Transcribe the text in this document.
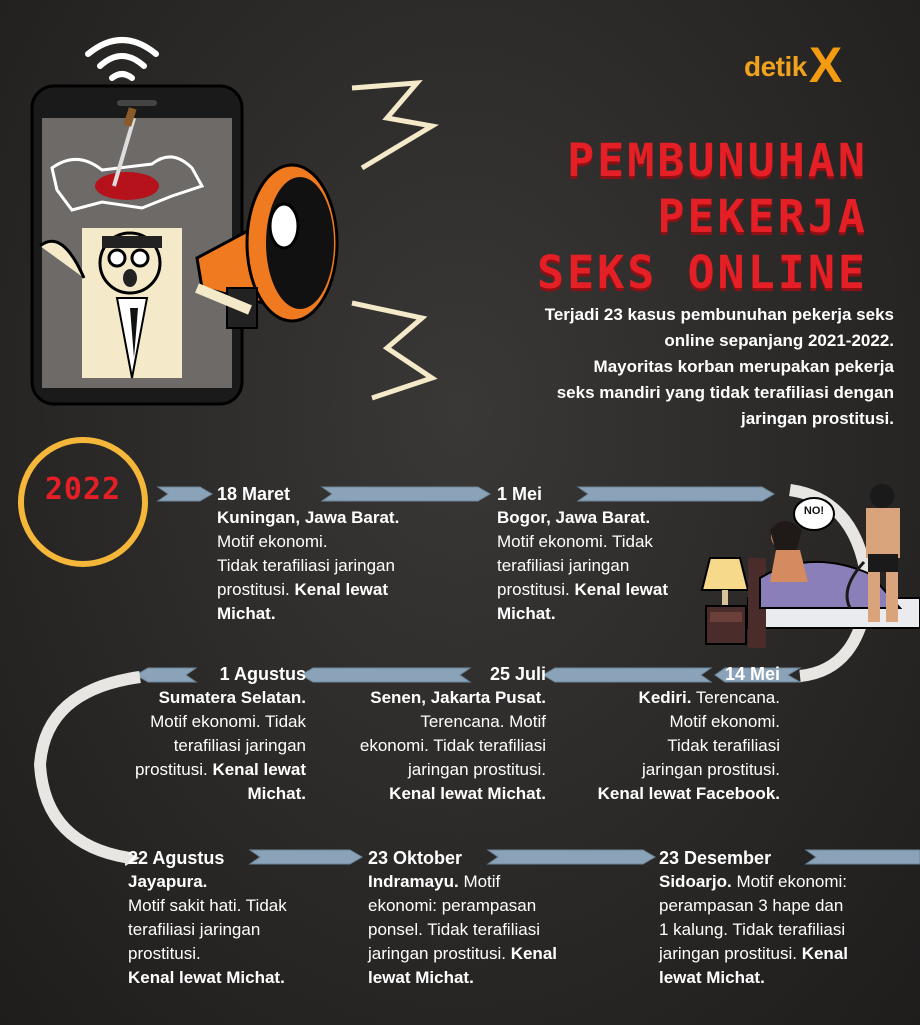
detikX
PEMBUNUHAN
PEKERJA
SEKS ONLINE
Terjadi 23 kasus pembunuhan pekerja seks
online sepanjang 2021-2022.
Mayoritas korban merupakan pekerja
seks mandiri yang tidak terafiliasi dengan
jaringan prostitusi.
2022
NO!
18 Maret
Kuningan, Jawa Barat.
Motif ekonomi.
Tidak terafiliasi jaringan
prostitusi. Kenal lewat
Michat.
1 Mei
Bogor, Jawa Barat.
Motif ekonomi. Tidak
terafiliasi jaringan
prostitusi. Kenal lewat
Michat.
14 Mei
Kediri. Terencana.
Motif ekonomi.
Tidak terafiliasi
jaringan prostitusi.
Kenal lewat Facebook.
25 Juli
Senen, Jakarta Pusat.
Terencana. Motif
ekonomi. Tidak terafiliasi
jaringan prostitusi.
Kenal lewat Michat.
1 Agustus
Sumatera Selatan.
Motif ekonomi. Tidak
terafiliasi jaringan
prostitusi. Kenal lewat
Michat.
22 Agustus
Jayapura.
Motif sakit hati. Tidak
terafiliasi jaringan
prostitusi.
Kenal lewat Michat.
23 Oktober
Indramayu. Motif
ekonomi: perampasan
ponsel. Tidak terafiliasi
jaringan prostitusi. Kenal
lewat Michat.
23 Desember
Sidoarjo. Motif ekonomi:
perampasan 3 hape dan
1 kalung. Tidak terafiliasi
jaringan prostitusi. Kenal
lewat Michat.
